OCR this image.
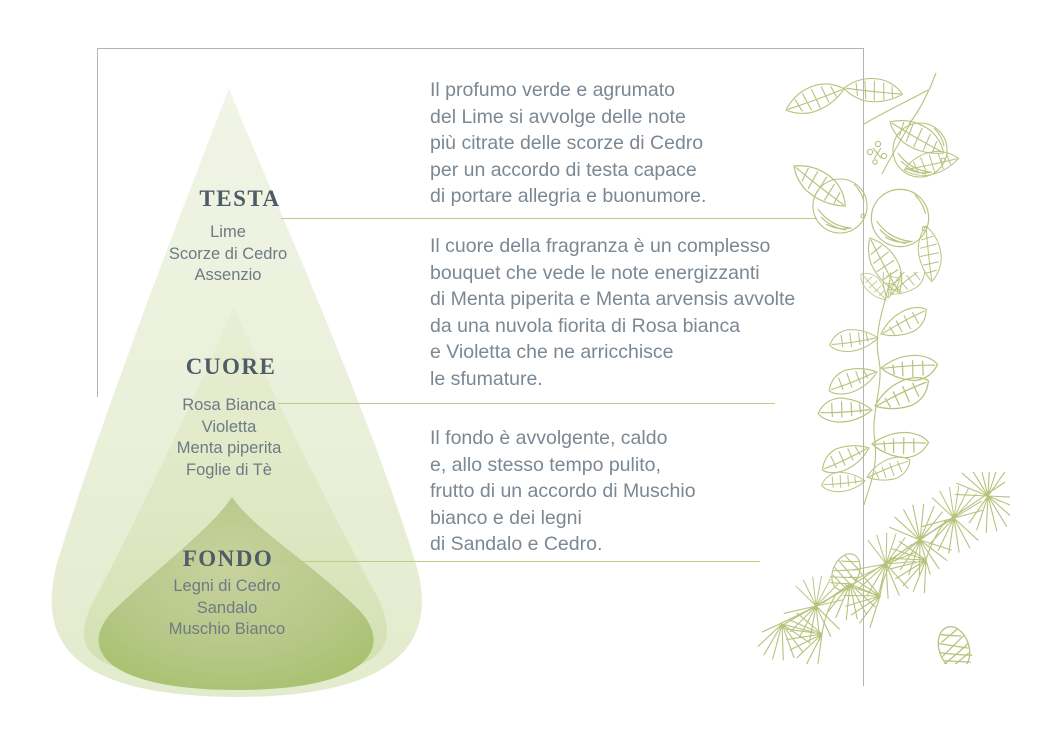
TESTA
Lime
Scorze di Cedro
Assenzio
CUORE
Rosa Bianca
Violetta
Menta piperita
Foglie di Tè
FONDO
Legni di Cedro
Sandalo
Muschio Bianco
Il profumo verde e agrumato
del Lime si avvolge delle note
più citrate delle scorze di Cedro
per un accordo di testa capace
di portare allegria e buonumore.
Il cuore della fragranza è un complesso
bouquet che vede le note energizzanti
di Menta piperita e Menta arvensis avvolte
da una nuvola fiorita di Rosa bianca
e Violetta che ne arricchisce
le sfumature.
Il fondo è avvolgente, caldo
e, allo stesso tempo pulito,
frutto di un accordo di Muschio
bianco e dei legni
di Sandalo e Cedro.
